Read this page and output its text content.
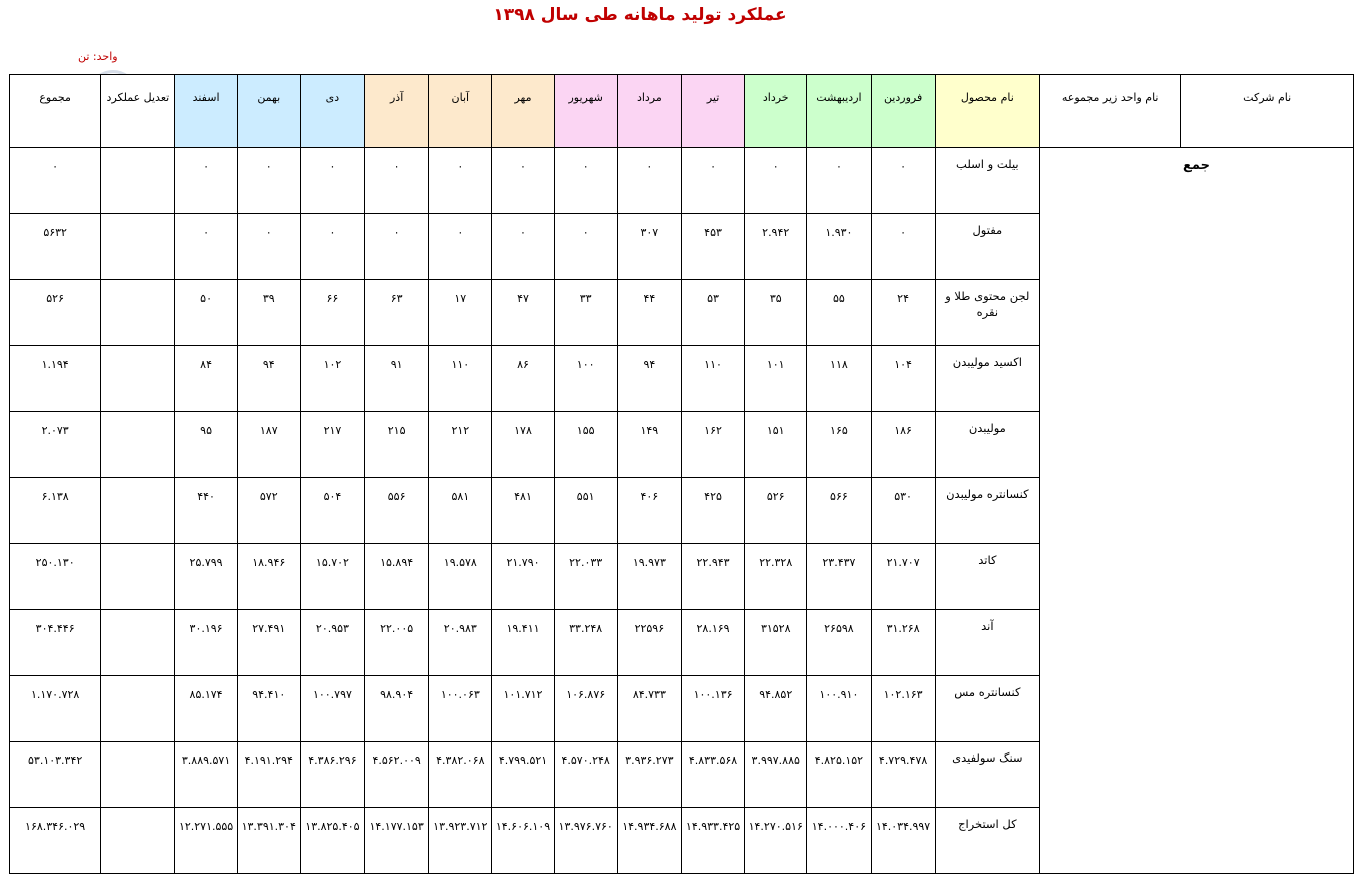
عملکرد تولید ماهانه طی سال ۱۳۹۸
واحد: تن
مجموع	تعدیل عملکرد	اسفند	بهمن	دی	آذر	آبان	مهر	شهریور	مرداد	تیر	خرداد	اردیبهشت	فروردین	نام محصول	نام واحد زیر مجموعه	نام شرکت
۰		۰	۰	۰	۰	۰	۰	۰	۰	۰	۰	۰	۰	بیلت و اسلب	جمع	
۵۶۳۲		۰	۰	۰	۰	۰	۰	۰	۳۰۷	۴۵۳	۲.۹۴۲	۱.۹۳۰	۰	مفتول		
۵۲۶		۵۰	۳۹	۶۶	۶۳	۱۷	۴۷	۳۳	۴۴	۵۳	۳۵	۵۵	۲۴	لجن محتوی طلا و نقره		
۱.۱۹۴		۸۴	۹۴	۱۰۲	۹۱	۱۱۰	۸۶	۱۰۰	۹۴	۱۱۰	۱۰۱	۱۱۸	۱۰۴	اکسید مولیبدن		
۲.۰۷۳		۹۵	۱۸۷	۲۱۷	۲۱۵	۲۱۲	۱۷۸	۱۵۵	۱۴۹	۱۶۲	۱۵۱	۱۶۵	۱۸۶	مولیبدن		
۶.۱۳۸		۴۴۰	۵۷۲	۵۰۴	۵۵۶	۵۸۱	۴۸۱	۵۵۱	۴۰۶	۴۲۵	۵۲۶	۵۶۶	۵۳۰	کنسانتره مولیبدن		
۲۵۰.۱۳۰		۲۵.۷۹۹	۱۸.۹۴۶	۱۵.۷۰۲	۱۵.۸۹۴	۱۹.۵۷۸	۲۱.۷۹۰	۲۲.۰۳۳	۱۹.۹۷۳	۲۲.۹۴۳	۲۲.۳۲۸	۲۳.۴۳۷	۲۱.۷۰۷	کاتد		
۳۰۴.۴۴۶		۳۰.۱۹۶	۲۷.۴۹۱	۲۰.۹۵۳	۲۲.۰۰۵	۲۰.۹۸۳	۱۹.۴۱۱	۳۳.۲۴۸	۲۲۵۹۶	۲۸.۱۶۹	۳۱۵۲۸	۲۶۵۹۸	۳۱.۲۶۸	آند		
۱.۱۷۰.۷۲۸		۸۵.۱۷۴	۹۴.۴۱۰	۱۰۰.۷۹۷	۹۸.۹۰۴	۱۰۰.۰۶۳	۱۰۱.۷۱۲	۱۰۶.۸۷۶	۸۴.۷۳۳	۱۰۰.۱۳۶	۹۴.۸۵۲	۱۰۰.۹۱۰	۱۰۲.۱۶۳	کنسانتره مس		
۵۳.۱۰۳.۳۴۲		۳.۸۸۹.۵۷۱	۴.۱۹۱.۲۹۴	۴.۳۸۶.۲۹۶	۴.۵۶۲.۰۰۹	۴.۳۸۲.۰۶۸	۴.۷۹۹.۵۲۱	۴.۵۷۰.۲۴۸	۳.۹۳۶.۲۷۳	۴.۸۳۳.۵۶۸	۳.۹۹۷.۸۸۵	۴.۸۲۵.۱۵۲	۴.۷۲۹.۴۷۸	سنگ سولفیدی		
۱۶۸.۳۴۶.۰۲۹		۱۲.۲۷۱.۵۵۵	۱۳.۳۹۱.۳۰۴	۱۳.۸۲۵.۴۰۵	۱۴.۱۷۷.۱۵۳	۱۳.۹۲۳.۷۱۲	۱۴.۶۰۶.۱۰۹	۱۳.۹۷۶.۷۶۰	۱۴.۹۳۴.۶۸۸	۱۴.۹۳۳.۴۲۵	۱۴.۲۷۰.۵۱۶	۱۴.۰۰۰.۴۰۶	۱۴.۰۳۴.۹۹۷	کل استخراج		
